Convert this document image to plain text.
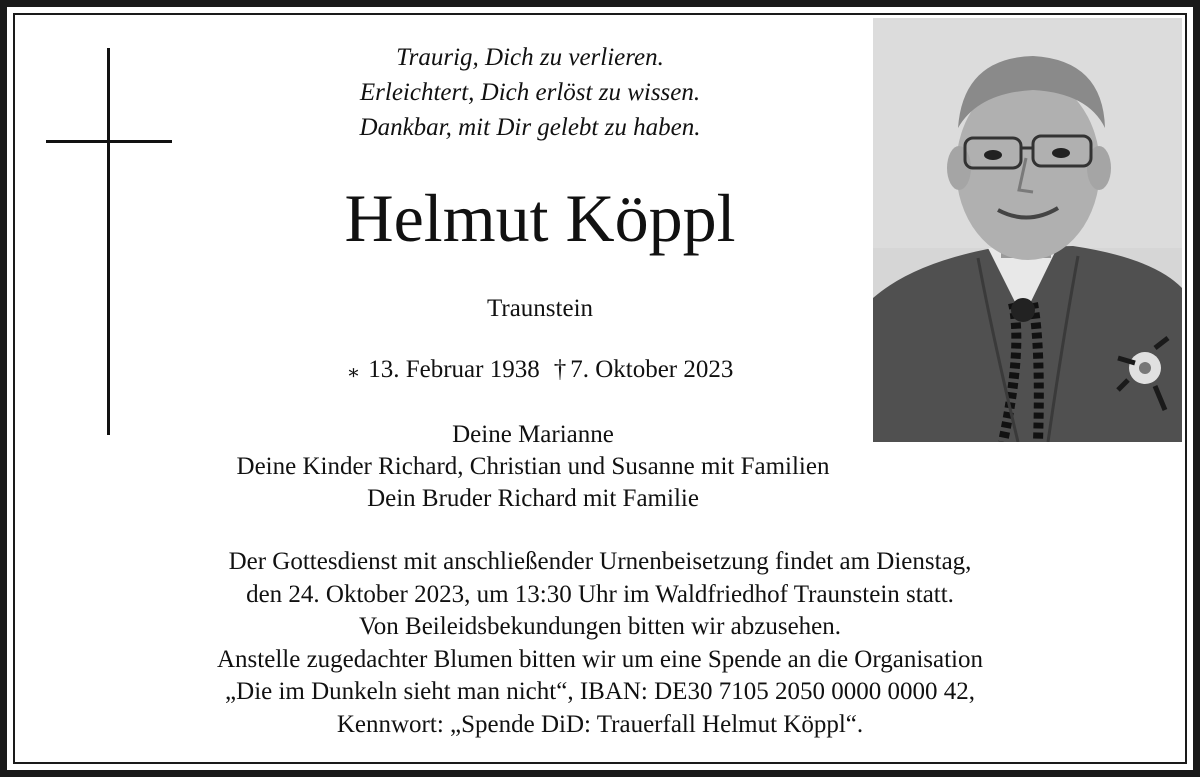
Traurig, Dich zu verlieren.
Erleichtert, Dich erlöst zu wissen.
Dankbar, mit Dir gelebt zu haben.
Helmut Köppl
Traunstein
∗ 13. Februar 1938 † 7. Oktober 2023
Deine Marianne
Deine Kinder Richard, Christian und Susanne mit Familien
Dein Bruder Richard mit Familie
Der Gottesdienst mit anschließender Urnenbeisetzung findet am Dienstag,
den 24. Oktober 2023, um 13:30 Uhr im Waldfriedhof Traunstein statt.
Von Beileidsbekundungen bitten wir abzusehen.
Anstelle zugedachter Blumen bitten wir um eine Spende an die Organisation
„Die im Dunkeln sieht man nicht“, IBAN: DE30 7105 2050 0000 0000 42,
Kennwort: „Spende DiD: Trauerfall Helmut Köppl“.
